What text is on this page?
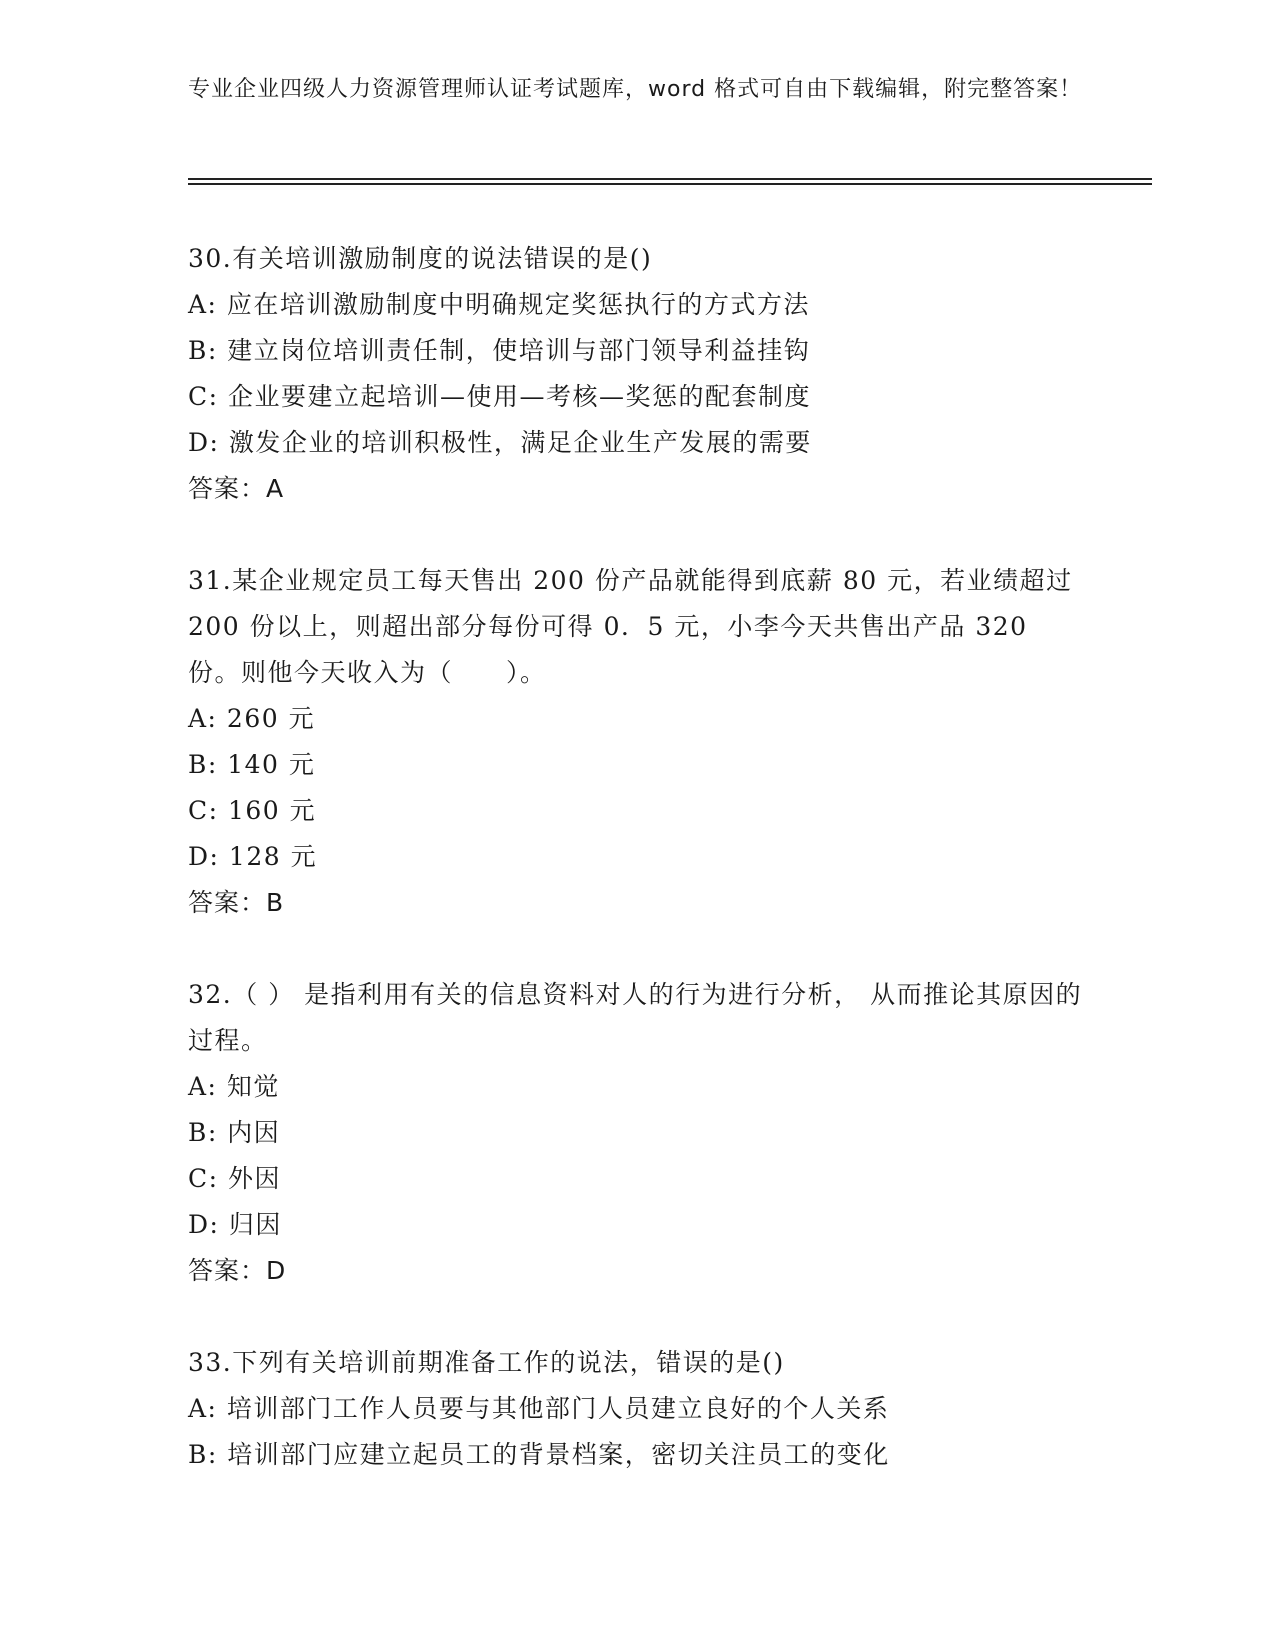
专业企业四级人力资源管理师认证考试题库，word 格式可自由下载编辑，附完整答案！
30.有关培训激励制度的说法错误的是()
A: 应在培训激励制度中明确规定奖惩执行的方式方法
B: 建立岗位培训责任制，使培训与部门领导利益挂钩
C: 企业要建立起培训—使用—考核—奖惩的配套制度
D: 激发企业的培训积极性，满足企业生产发展的需要
答案：A
31.某企业规定员工每天售出 200 份产品就能得到底薪 80 元，若业绩超过 200 份以上，则超出部分每份可得 0．5 元，小李今天共售出产品 320 份。则他今天收入为（　　）。
A: 260 元
B: 140 元
C: 160 元
D: 128 元
答案：B
32.（ ） 是指利用有关的信息资料对人的行为进行分析， 从而推论其原因的过程。
A: 知觉
B: 内因
C: 外因
D: 归因
答案：D
33.下列有关培训前期准备工作的说法，错误的是()
A: 培训部门工作人员要与其他部门人员建立良好的个人关系
B: 培训部门应建立起员工的背景档案，密切关注员工的变化
